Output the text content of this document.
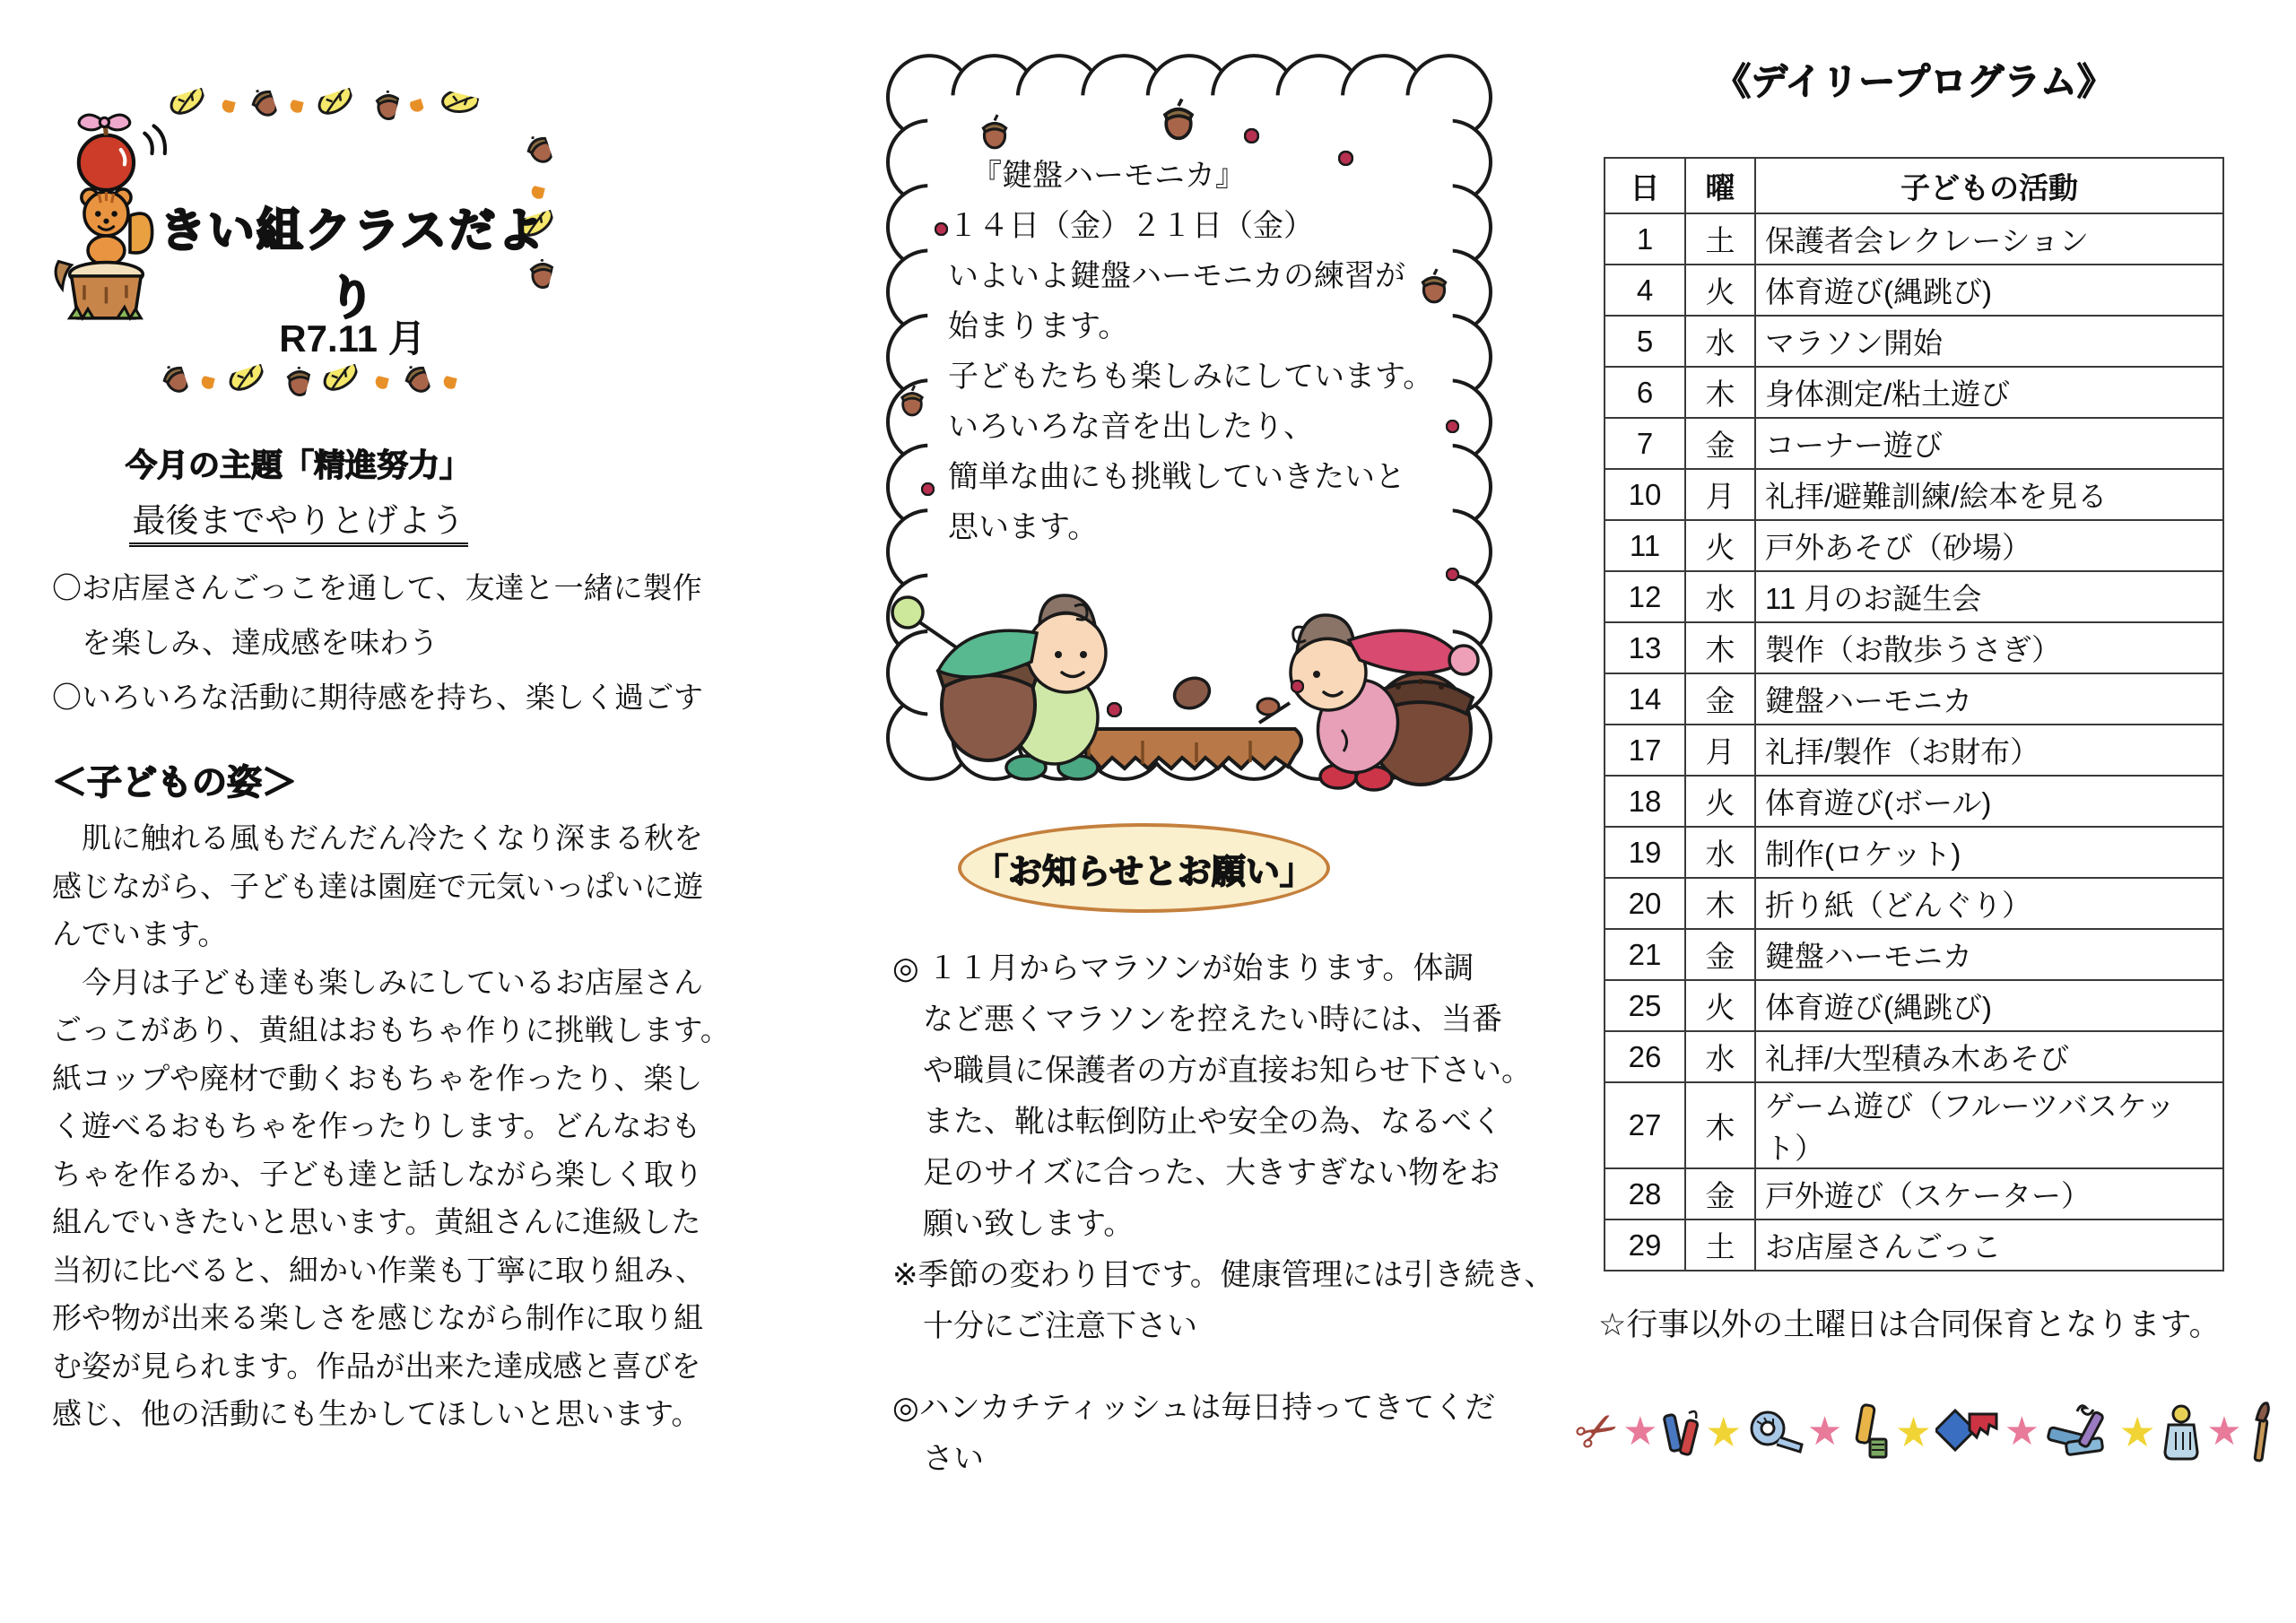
きい組クラスだより
R7.11 月
今月の主題「精進努力」
最後までやりとげよう
〇お店屋さんごっこを通して、友達と一緒に製作
　を楽しみ、達成感を味わう
〇いろいろな活動に期待感を持ち、楽しく過ごす
＜子どもの姿＞
　肌に触れる風もだんだん冷たくなり深まる秋を
感じながら、子ども達は園庭で元気いっぱいに遊
んでいます。
　今月は子ども達も楽しみにしているお店屋さん
ごっこがあり、黄組はおもちゃ作りに挑戦します。
紙コップや廃材で動くおもちゃを作ったり、楽し
く遊べるおもちゃを作ったりします。どんなおも
ちゃを作るか、子ども達と話しながら楽しく取り
組んでいきたいと思います。黄組さんに進級した
当初に比べると、細かい作業も丁寧に取り組み、
形や物が出来る楽しさを感じながら制作に取り組
む姿が見られます。作品が出来た達成感と喜びを
感じ、他の活動にも生かしてほしいと思います。
『鍵盤ハーモニカ』
１４日（金）２１日（金）
いよいよ鍵盤ハーモニカの練習が
始まります。
子どもたちも楽しみにしています。
いろいろな音を出したり、
簡単な曲にも挑戦していきたいと
思います。
「お知らせとお願い」
◎ １１月からマラソンが始まります。体調
　など悪くマラソンを控えたい時には、当番
　や職員に保護者の方が直接お知らせ下さい。
　また、靴は転倒防止や安全の為、なるべく
　足のサイズに合った、大きすぎない物をお
　願い致します。
※季節の変わり目です。健康管理には引き続き、
　十分にご注意下さい
◎ハンカチティッシュは毎日持ってきてくだ
　さい
《デイリープログラム》
日	曜	子どもの活動
1	土	保護者会レクレーション
4	火	体育遊び(縄跳び)
5	水	マラソン開始
6	木	身体測定/粘土遊び
7	金	コーナー遊び
10	月	礼拝/避難訓練/絵本を見る
11	火	戸外あそび（砂場）
12	水	11 月のお誕生会
13	木	製作（お散歩うさぎ）
14	金	鍵盤ハーモニカ
17	月	礼拝/製作（お財布）
18	火	体育遊び(ボール)
19	水	制作(ロケット)
20	木	折り紙（どんぐり）
21	金	鍵盤ハーモニカ
25	火	体育遊び(縄跳び)
26	水	礼拝/大型積み木あそび
27	木	ゲーム遊び（フルーツバスケット）
28	金	戸外遊び（スケーター）
29	土	お店屋さんごっこ
☆行事以外の土曜日は合同保育となります。
✂
★ ★ ★ ★ ★ ★ ★
